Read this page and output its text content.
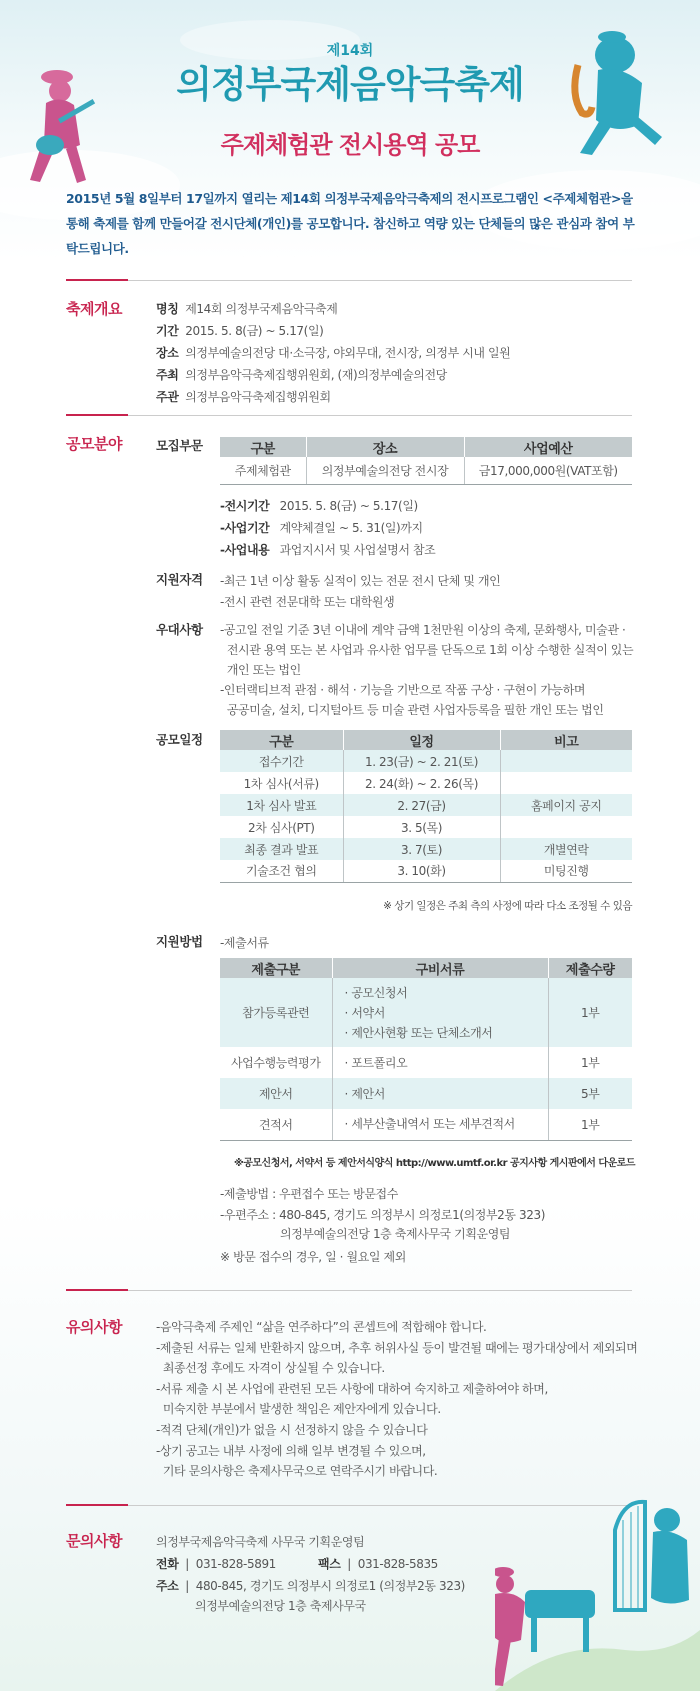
제14회
의정부국제음악극축제
주제체험관 전시용역 공모
2015년 5월 8일부터 17일까지 열리는 제14회 의정부국제음악극축제의 전시프로그램인 <주제체험관>을 통해 축제를 함께 만들어갈 전시단체(개인)를 공모합니다. 참신하고 역량 있는 단체들의 많은 관심과 참여 부탁드립니다.
축제개요	명칭 제14회 의정부국제음악극축제
기간 2015. 5. 8(금) ~ 5.17(일)
장소 의정부예술의전당 대·소극장, 야외무대, 전시장, 의정부 시내 일원
주최 의정부음악극축제집행위원회, (재)의정부예술의전당
주관 의정부음악극축제집행위원회
공모분야	모집부문	구분	장소	사업예산
주제체험관	의정부예술의전당 전시장	금17,000,000원(VAT포함)
-전시기간 2015. 5. 8(금) ~ 5.17(일)
-사업기간 계약체결일 ~ 5. 31(일)까지
-사업내용 과업지시서 및 사업설명서 참조
지원자격 -최근 1년 이상 활동 실적이 있는 전문 전시 단체 및 개인
-전시 관련 전문대학 또는 대학원생
우대사항 -공고일 전일 기준 3년 이내에 계약 금액 1천만원 이상의 축제, 문화행사, 미술관 ·
전시관 용역 또는 본 사업과 유사한 업무를 단독으로 1회 이상 수행한 실적이 있는
개인 또는 법인
-인터랙티브적 관점 · 해석 · 기능을 기반으로 작품 구상 · 구현이 가능하며
공공미술, 설치, 디지털아트 등 미술 관련 사업자등록을 필한 개인 또는 법인
공모일정	구분	일정	비고
접수기간	1. 23(금) ~ 2. 21(토)	
1차 심사(서류)	2. 24(화) ~ 2. 26(목)	
1차 심사 발표	2. 27(금)	홈페이지 공지
2차 심사(PT)	3. 5(목)	
최종 결과 발표	3. 7(토)	개별연락
기술조건 협의	3. 10(화)	미팅진행
※ 상기 일정은 주최 측의 사정에 따라 다소 조정될 수 있음
지원방법 -제출서류
제출구분	구비서류	제출수량
참가등록관련	· 공모신청서
· 서약서
· 제안사현황 또는 단체소개서	1부
사업수행능력평가	· 포트폴리오	1부
제안서	· 제안서	5부
견적서	· 세부산출내역서 또는 세부견적서	1부
※공모신청서, 서약서 등 제안서식양식 http://www.umtf.or.kr 공지사항 게시판에서 다운로드
-제출방법 : 우편접수 또는 방문접수
-우편주소 : 480-845, 경기도 의정부시 의정로1(의정부2동 323)
의정부예술의전당 1층 축제사무국 기획운영팀
※ 방문 접수의 경우, 일 · 월요일 제외
유의사항	-음악극축제 주제인 “삶을 연주하다”의 콘셉트에 적합해야 합니다.
-제출된 서류는 일체 반환하지 않으며, 추후 허위사실 등이 발견될 때에는 평가대상에서 제외되며
최종선정 후에도 자격이 상실될 수 있습니다.
-서류 제출 시 본 사업에 관련된 모든 사항에 대하여 숙지하고 제출하여야 하며,
미숙지한 부분에서 발생한 책임은 제안자에게 있습니다.
-적격 단체(개인)가 없을 시 선정하지 않을 수 있습니다
-상기 공고는 내부 사정에 의해 일부 변경될 수 있으며,
기타 문의사항은 축제사무국으로 연락주시기 바랍니다.
문의사항	의정부국제음악극축제 사무국 기획운영팀
전화  |  031-828-5891	팩스  |  031-828-5835
주소  |  480-845, 경기도 의정부시 의정로1 (의정부2동 323)
의정부예술의전당 1층 축제사무국
